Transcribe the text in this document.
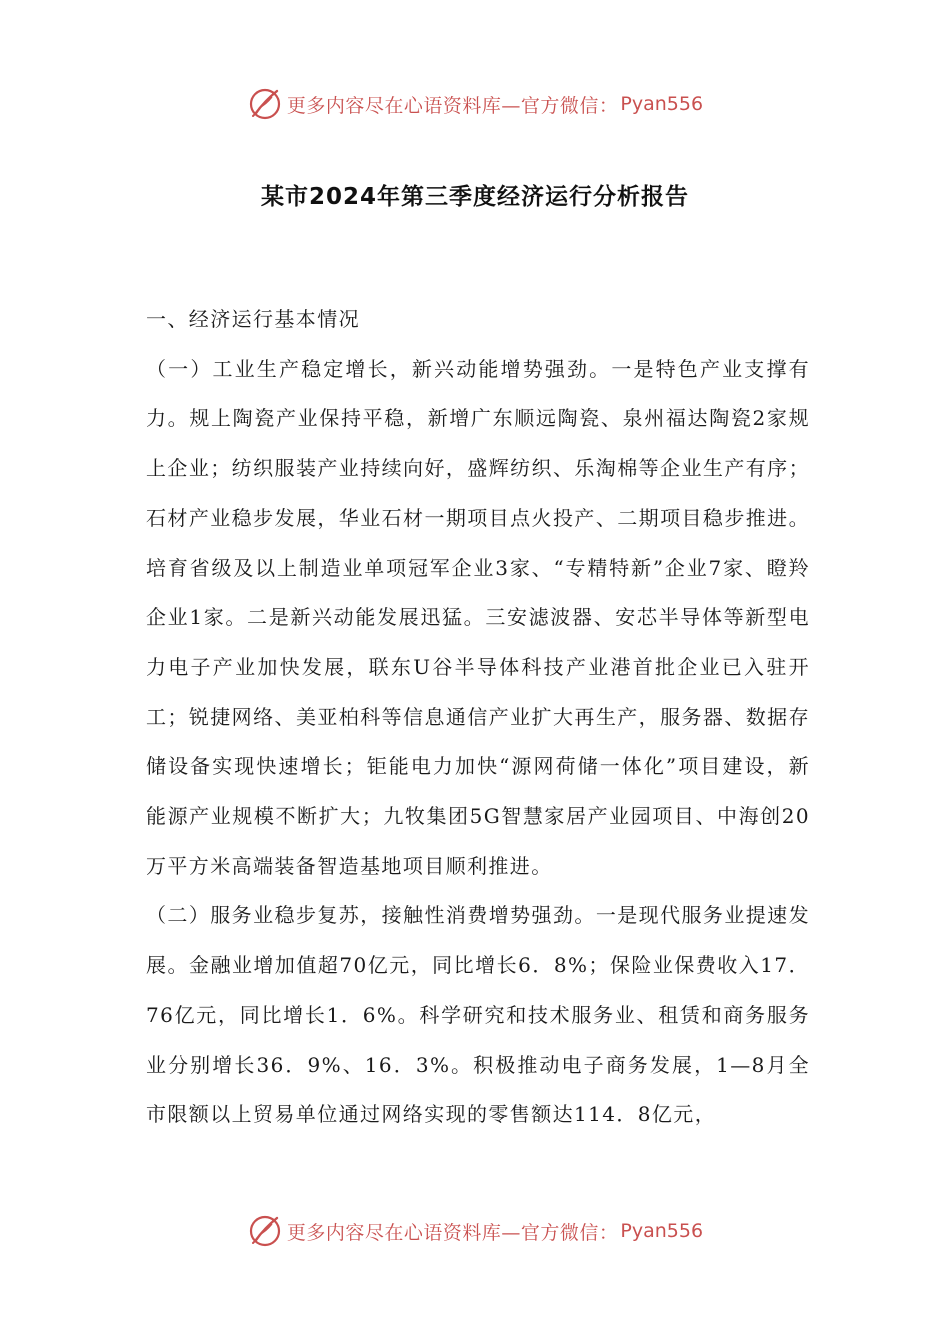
更多内容尽在心语资料库—官方微信： Pyan556
某市2024年第三季度经济运行分析报告

一、经济运行基本情况

（一）工业生产稳定增长，新兴动能增势强劲。一是特色产业支撑有力。规上陶瓷产业保持平稳，新增广东顺远陶瓷、泉州福达陶瓷2家规上企业；纺织服装产业持续向好，盛辉纺织、乐淘棉等企业生产有序；石材产业稳步发展，华业石材一期项目点火投产、二期项目稳步推进。培育省级及以上制造业单项冠军企业3家、“专精特新”企业7家、瞪羚企业1家。二是新兴动能发展迅猛。三安滤波器、安芯半导体等新型电力电子产业加快发展，联东U谷半导体科技产业港首批企业已入驻开工；锐捷网络、美亚柏科等信息通信产业扩大再生产，服务器、数据存储设备实现快速增长；钜能电力加快“源网荷储一体化”项目建设，新能源产业规模不断扩大；九牧集团5G智慧家居产业园项目、中海创20万平方米高端装备智造基地项目顺利推进。

（二）服务业稳步复苏，接触性消费增势强劲。一是现代服务业提速发展。金融业增加值超70亿元，同比增长6．8%；保险业保费收入17．76亿元，同比增长1．6%。科学研究和技术服务业、租赁和商务服务业分别增长36．9%、16．3%。积极推动电子商务发展，1—8月全市限额以上贸易单位通过网络实现的零售额达114．8亿元，

更多内容尽在心语资料库—官方微信： Pyan556
